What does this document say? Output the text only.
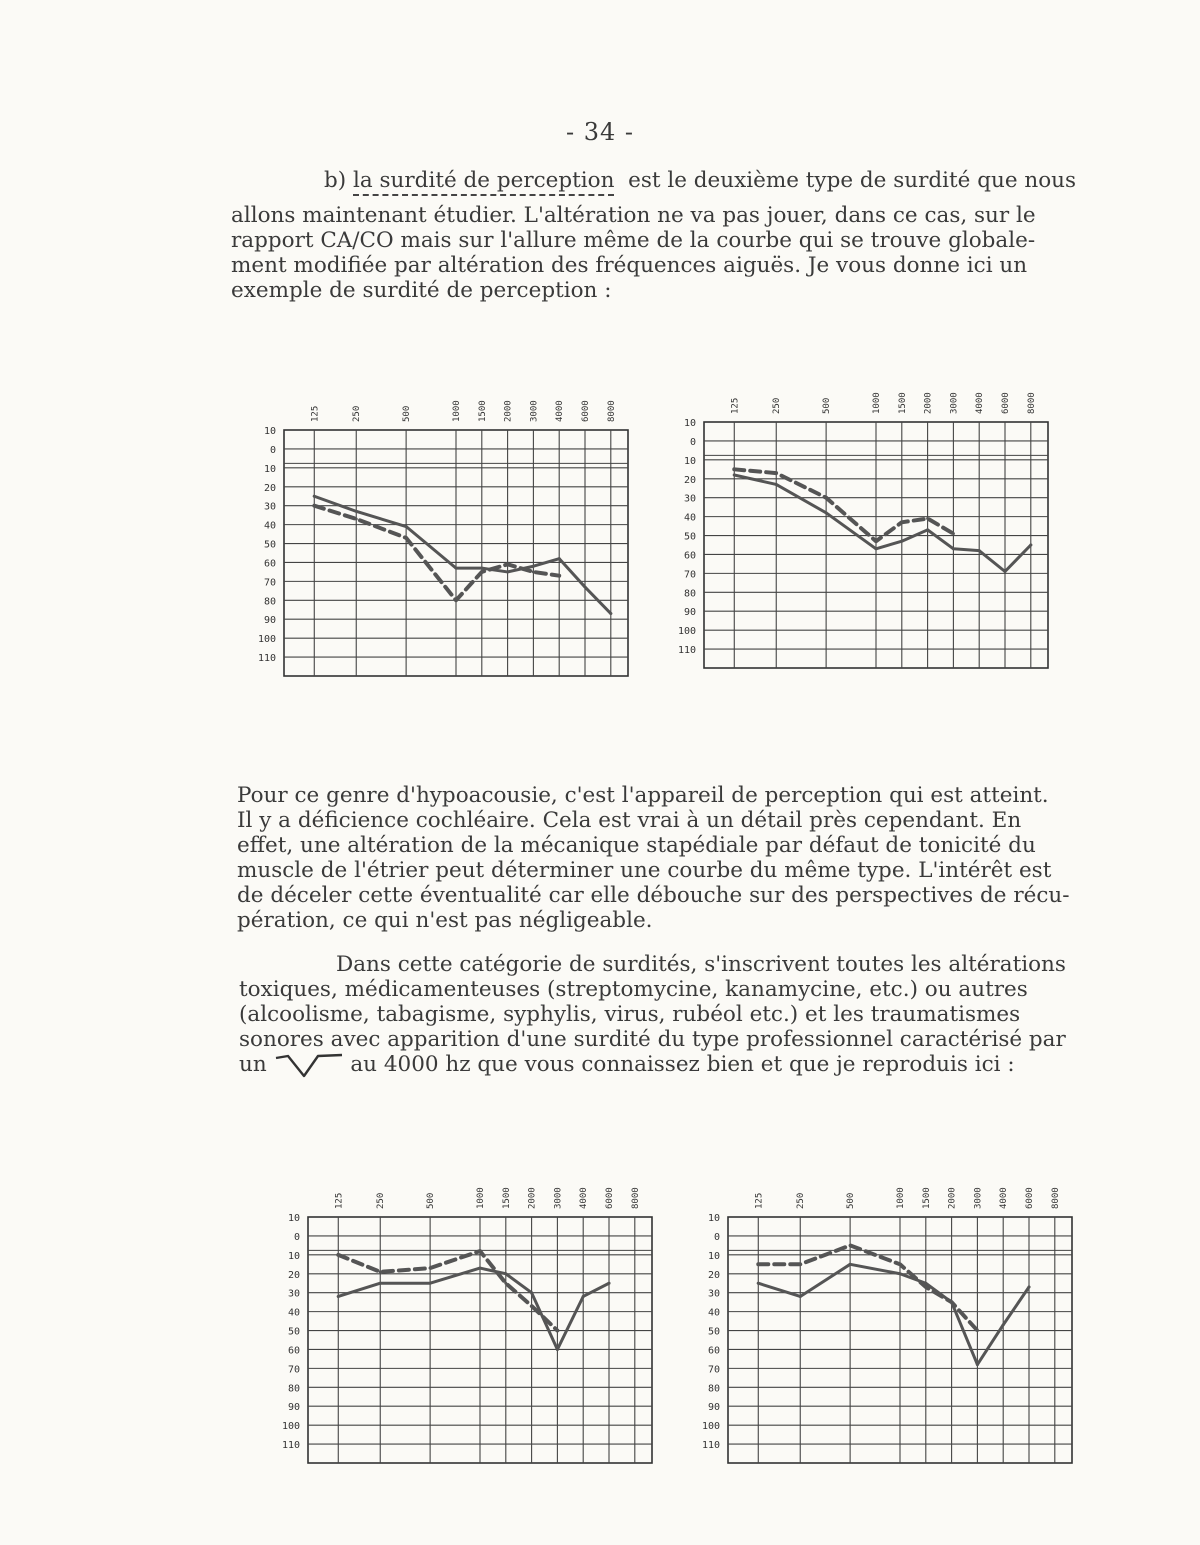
- 34 -
b) la surdité de perception  est le deuxième type de surdité que nous
allons maintenant étudier. L'altération ne va pas jouer, dans ce cas, sur le
rapport CA/CO mais sur l'allure même de la courbe qui se trouve globale-
ment modifiée par altération des fréquences aiguës. Je vous donne ici un
exemple de surdité de perception :
Pour ce genre d'hypoacousie, c'est l'appareil de perception qui est atteint.
Il y a déficience cochléaire. Cela est vrai à un détail près cependant. En
effet, une altération de la mécanique stapédiale par défaut de tonicité du
muscle de l'étrier peut déterminer une courbe du même type. L'intérêt est
de déceler cette éventualité car elle débouche sur des perspectives de récu-
pération, ce qui n'est pas négligeable.
Dans cette catégorie de surdités, s'inscrivent toutes les altérations
toxiques, médicamenteuses (streptomycine, kanamycine, etc.) ou autres
(alcoolisme, tabagisme, syphylis, virus, rubéol etc.) et les traumatismes
sonores avec apparition d'une surdité du type professionnel caractérisé par
un	au 4000 hz que vous connaissez bien et que je reproduis ici :
125	250	500	1000 1500 2000 3000 4000 6000 8000
10
0
10
20
30
40
50
60
70
80
90
100
110
125	250	500	1000 1500 2000 3000 4000 6000 8000
10
0
10
20
30
40
50
60
70
80
90
100
110
125	250	500	1000 1500 2000 3000 4000 6000 8000
10
0
10
20
30
40
50
60
70
80
90
100
110
125	250	500	1000 1500 2000 3000 4000 6000 8000
10
0
10
20
30
40
50
60
70
80
90
100
110
